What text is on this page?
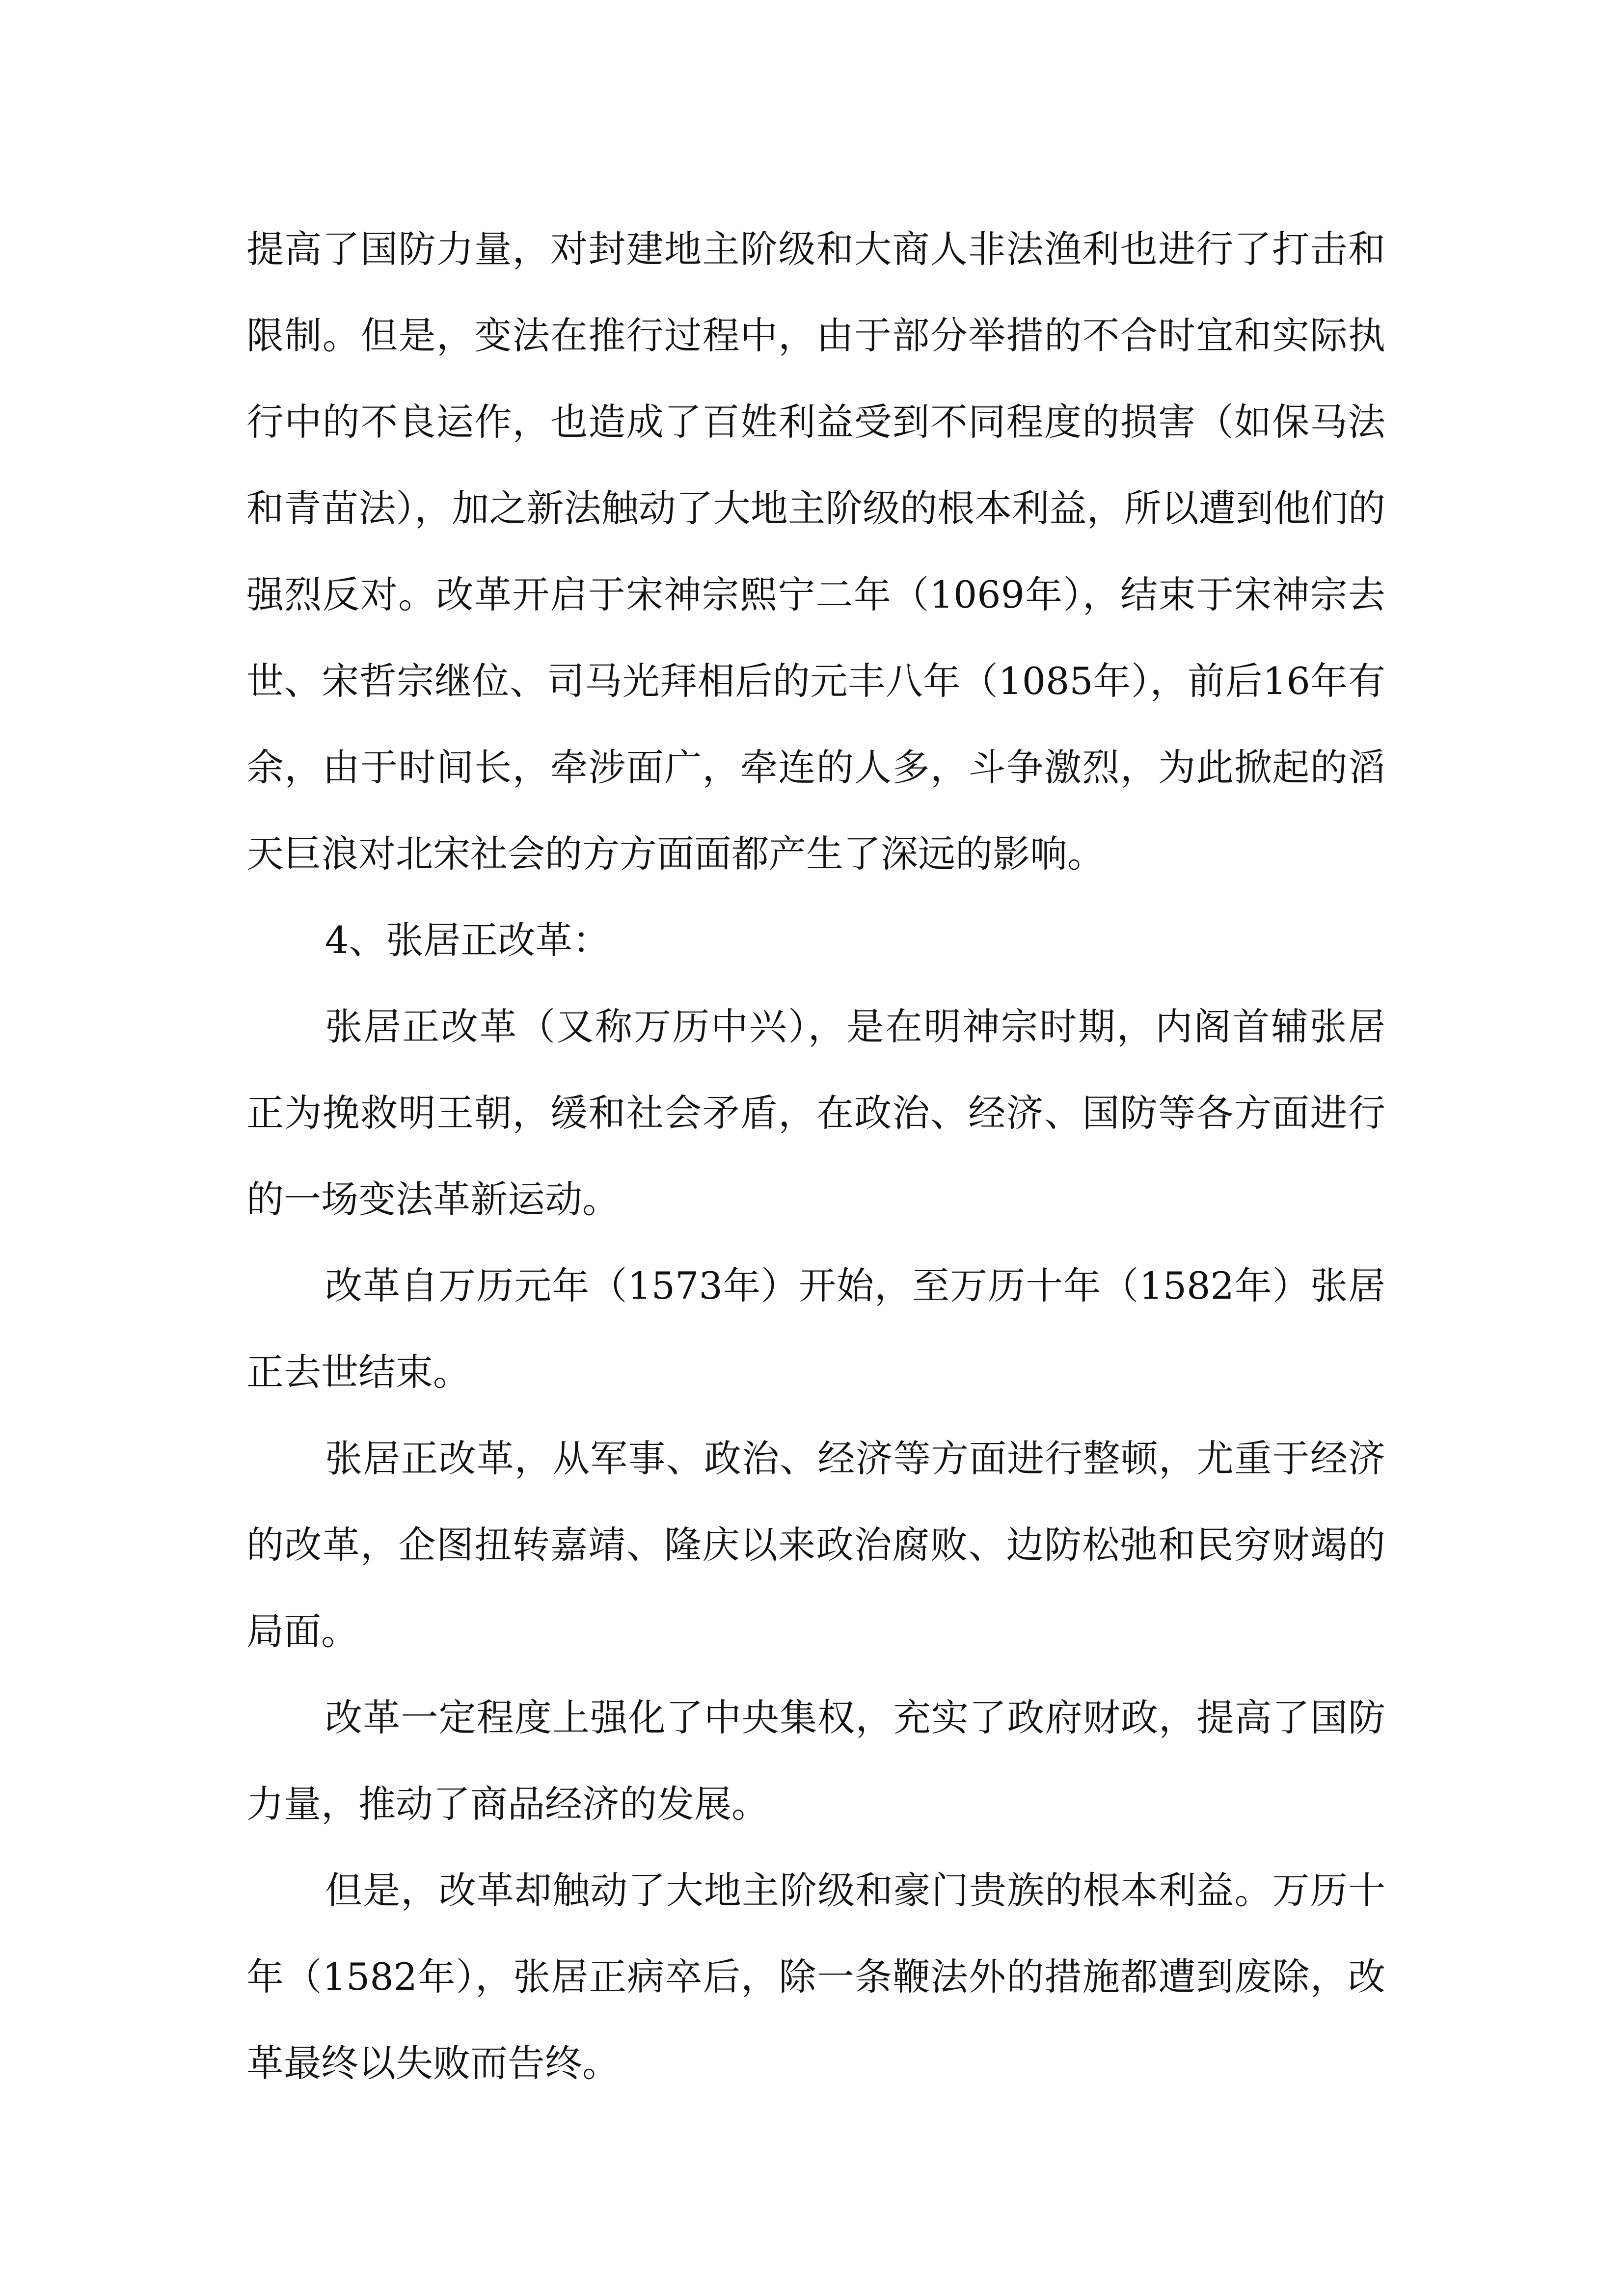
提高了国防力量，对封建地主阶级和大商人非法渔利也进行了打击和限制。但是，变法在推行过程中，由于部分举措的不合时宜和实际执行中的不良运作，也造成了百姓利益受到不同程度的损害（如保马法和青苗法），加之新法触动了大地主阶级的根本利益，所以遭到他们的强烈反对。改革开启于宋神宗熙宁二年（1069年），结束于宋神宗去世、宋哲宗继位、司马光拜相后的元丰八年（1085年），前后16年有余，由于时间长，牵涉面广，牵连的人多，斗争激烈，为此掀起的滔天巨浪对北宋社会的方方面面都产生了深远的影响。

4、张居正改革：

张居正改革（又称万历中兴），是在明神宗时期，内阁首辅张居正为挽救明王朝，缓和社会矛盾，在政治、经济、国防等各方面进行的一场变法革新运动。

改革自万历元年（1573年）开始，至万历十年（1582年）张居正去世结束。

张居正改革，从军事、政治、经济等方面进行整顿，尤重于经济的改革，企图扭转嘉靖、隆庆以来政治腐败、边防松弛和民穷财竭的局面。

改革一定程度上强化了中央集权，充实了政府财政，提高了国防力量，推动了商品经济的发展。

但是，改革却触动了大地主阶级和豪门贵族的根本利益。万历十年（1582年），张居正病卒后，除一条鞭法外的措施都遭到废除，改革最终以失败而告终。
